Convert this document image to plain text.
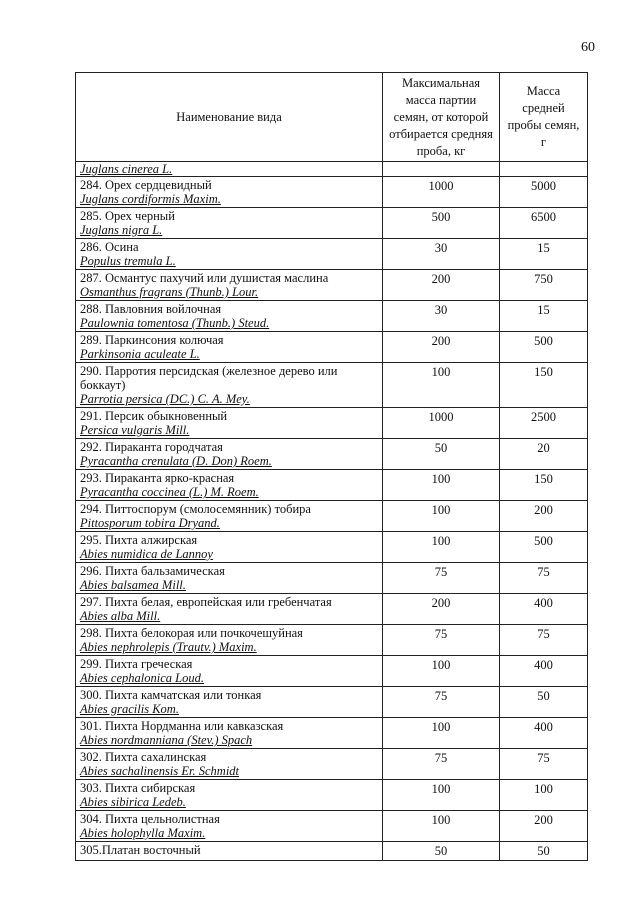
60
Наименование вида	Максимальная масса партии семян, от которой отбирается средняя проба, кг	Масса средней пробы семян, г

Juglans cinerea L.		

284. Орех сердцевидный
Juglans cordiformis Maxim.	1000	5000

285. Орех черный
Juglans nigra L.	500	6500

286. Осина
Populus tremula L.	30	15

287. Османтус пахучий или душистая маслина
Osmanthus fragrans (Thunb.) Lour.	200	750

288. Павловния войлочная
Paulownia tomentosa (Thunb.) Steud.	30	15

289. Паркинсония колючая
Parkinsonia aculeate L.	200	500

290. Парротия персидская (железное дерево или боккаут)
Parrotia persica (DC.) C. A. Mey.	100	150

291. Персик обыкновенный
Persica vulgaris Mill.	1000	2500

292. Пираканта городчатая
Pyracantha crenulata (D. Don) Roem.	50	20

293. Пираканта ярко-красная
Pyracantha coccinea (L.) M. Roem.	100	150

294. Питтоспорум (смолосемянник) тобира
Pittosporum tobira Dryand.	100	200

295. Пихта алжирская
Abies numidica de Lannoy	100	500

296. Пихта бальзамическая
Abies balsamea Mill.	75	75

297. Пихта белая, европейская или гребенчатая
Abies alba Mill.	200	400

298. Пихта белокорая или почкочешуйная
Abies nephrolepis (Trautv.) Maxim.	75	75

299. Пихта греческая
Abies cephalonica Loud.	100	400

300. Пихта камчатская или тонкая
Abies gracilis Kom.	75	50

301. Пихта Нордманна или кавказская
Abies nordmanniana (Stev.) Spach	100	400

302. Пихта сахалинская
Abies sachalinensis Er. Schmidt	75	75

303. Пихта сибирская
Abies sibirica Ledeb.	100	100

304. Пихта цельнолистная
Abies holophylla Maxim.	100	200

305.Платан восточный	50	50
